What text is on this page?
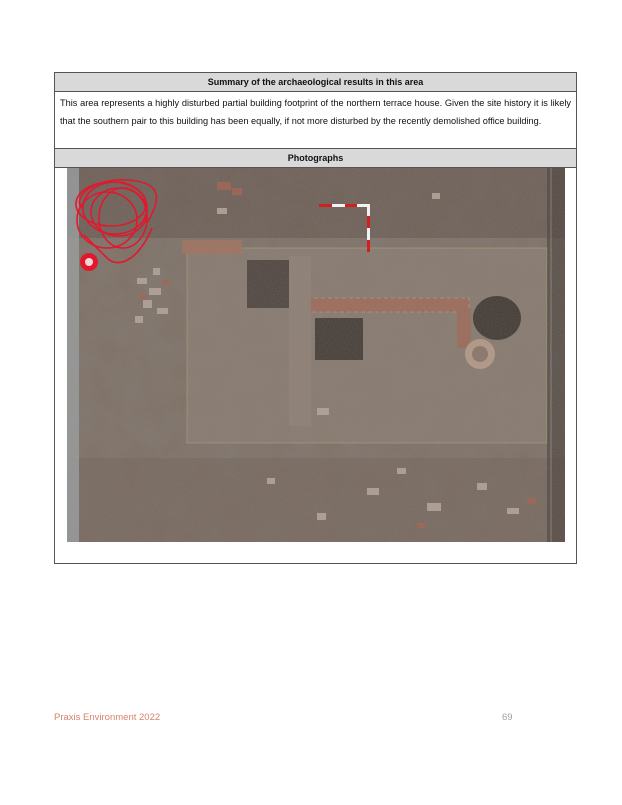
Summary of the archaeological results in this area
This area represents a highly disturbed partial building footprint of the northern terrace house. Given the site history it is likely that the southern pair to this building has been equally, if not more disturbed by the recently demolished office building.
Photographs
Praxis Environment 2022	69
